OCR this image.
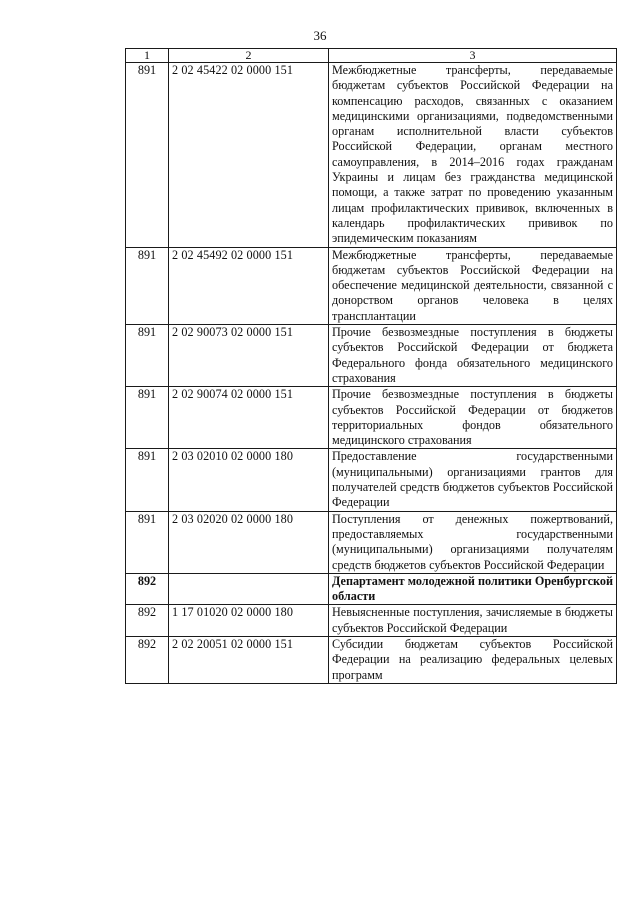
36
1	2	3
891	2 02 45422 02 0000 151	Межбюджетные трансферты, передаваемые бюджетам субъектов Российской Федерации на компенсацию расходов, связанных с оказанием медицинскими организациями, подведомственными органам исполнительной власти субъектов Российской Федерации, органам местного самоуправления, в 2014–2016 годах гражданам Украины и лицам без гражданства медицинской помощи, а также затрат по проведению указанным лицам профилактических прививок, включенных в календарь профилактических прививок по эпидемическим показаниям
891	2 02 45492 02 0000 151	Межбюджетные трансферты, передаваемые бюджетам субъектов Российской Федерации на обеспечение медицинской деятельности, связанной с донорством органов человека в целях трансплантации
891	2 02 90073 02 0000 151	Прочие безвозмездные поступления в бюджеты субъектов Российской Федерации от бюджета Федерального фонда обязательного медицинского страхования
891	2 02 90074 02 0000 151	Прочие безвозмездные поступления в бюджеты субъектов Российской Федерации от бюджетов территориальных фондов обязательного медицинского страхования
891	2 03 02010 02 0000 180	Предоставление государственными (муниципальными) организациями грантов для получателей средств бюджетов субъектов Российской Федерации
891	2 03 02020 02 0000 180	Поступления от денежных пожертвований, предоставляемых государственными (муниципальными) организациями получателям средств бюджетов субъектов Российской Федерации
892		Департамент молодежной политики Оренбургской области
892	1 17 01020 02 0000 180	Невыясненные поступления, зачисляемые в бюджеты субъектов Российской Федерации
892	2 02 20051 02 0000 151	Субсидии бюджетам субъектов Российской Федерации на реализацию федеральных целевых программ
